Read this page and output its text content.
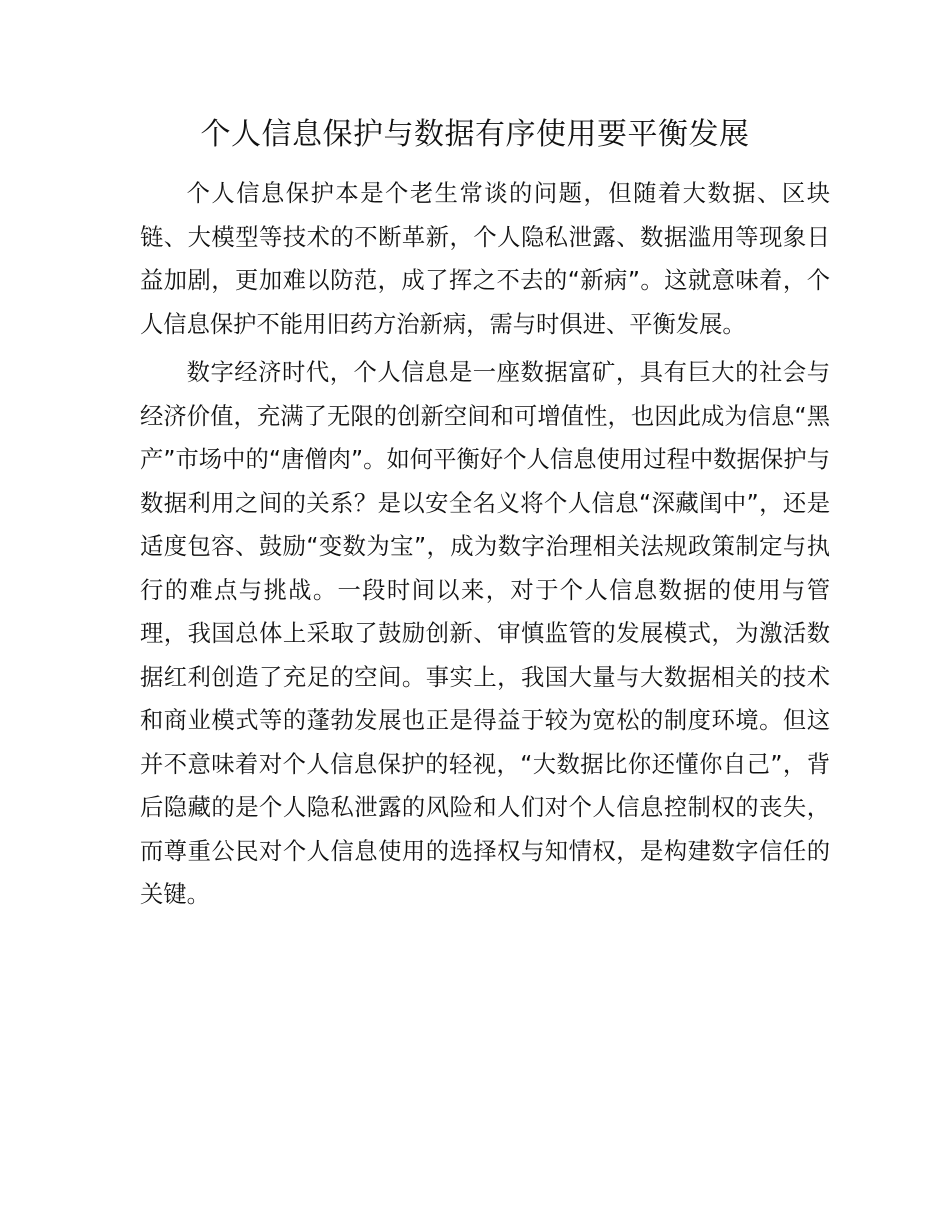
个人信息保护与数据有序使用要平衡发展

个人信息保护本是个老生常谈的问题，但随着大数据、区块链、大模型等技术的不断革新，个人隐私泄露、数据滥用等现象日益加剧，更加难以防范，成了挥之不去的“新病”。这就意味着，个人信息保护不能用旧药方治新病，需与时俱进、平衡发展。

数字经济时代，个人信息是一座数据富矿，具有巨大的社会与经济价值，充满了无限的创新空间和可增值性，也因此成为信息“黑产”市场中的“唐僧肉”。如何平衡好个人信息使用过程中数据保护与数据利用之间的关系？是以安全名义将个人信息“深藏闺中”，还是适度包容、鼓励“变数为宝”，成为数字治理相关法规政策制定与执行的难点与挑战。一段时间以来，对于个人信息数据的使用与管理，我国总体上采取了鼓励创新、审慎监管的发展模式，为激活数据红利创造了充足的空间。事实上，我国大量与大数据相关的技术和商业模式等的蓬勃发展也正是得益于较为宽松的制度环境。但这并不意味着对个人信息保护的轻视，“大数据比你还懂你自己”，背后隐藏的是个人隐私泄露的风险和人们对个人信息控制权的丧失，而尊重公民对个人信息使用的选择权与知情权，是构建数字信任的关键。
